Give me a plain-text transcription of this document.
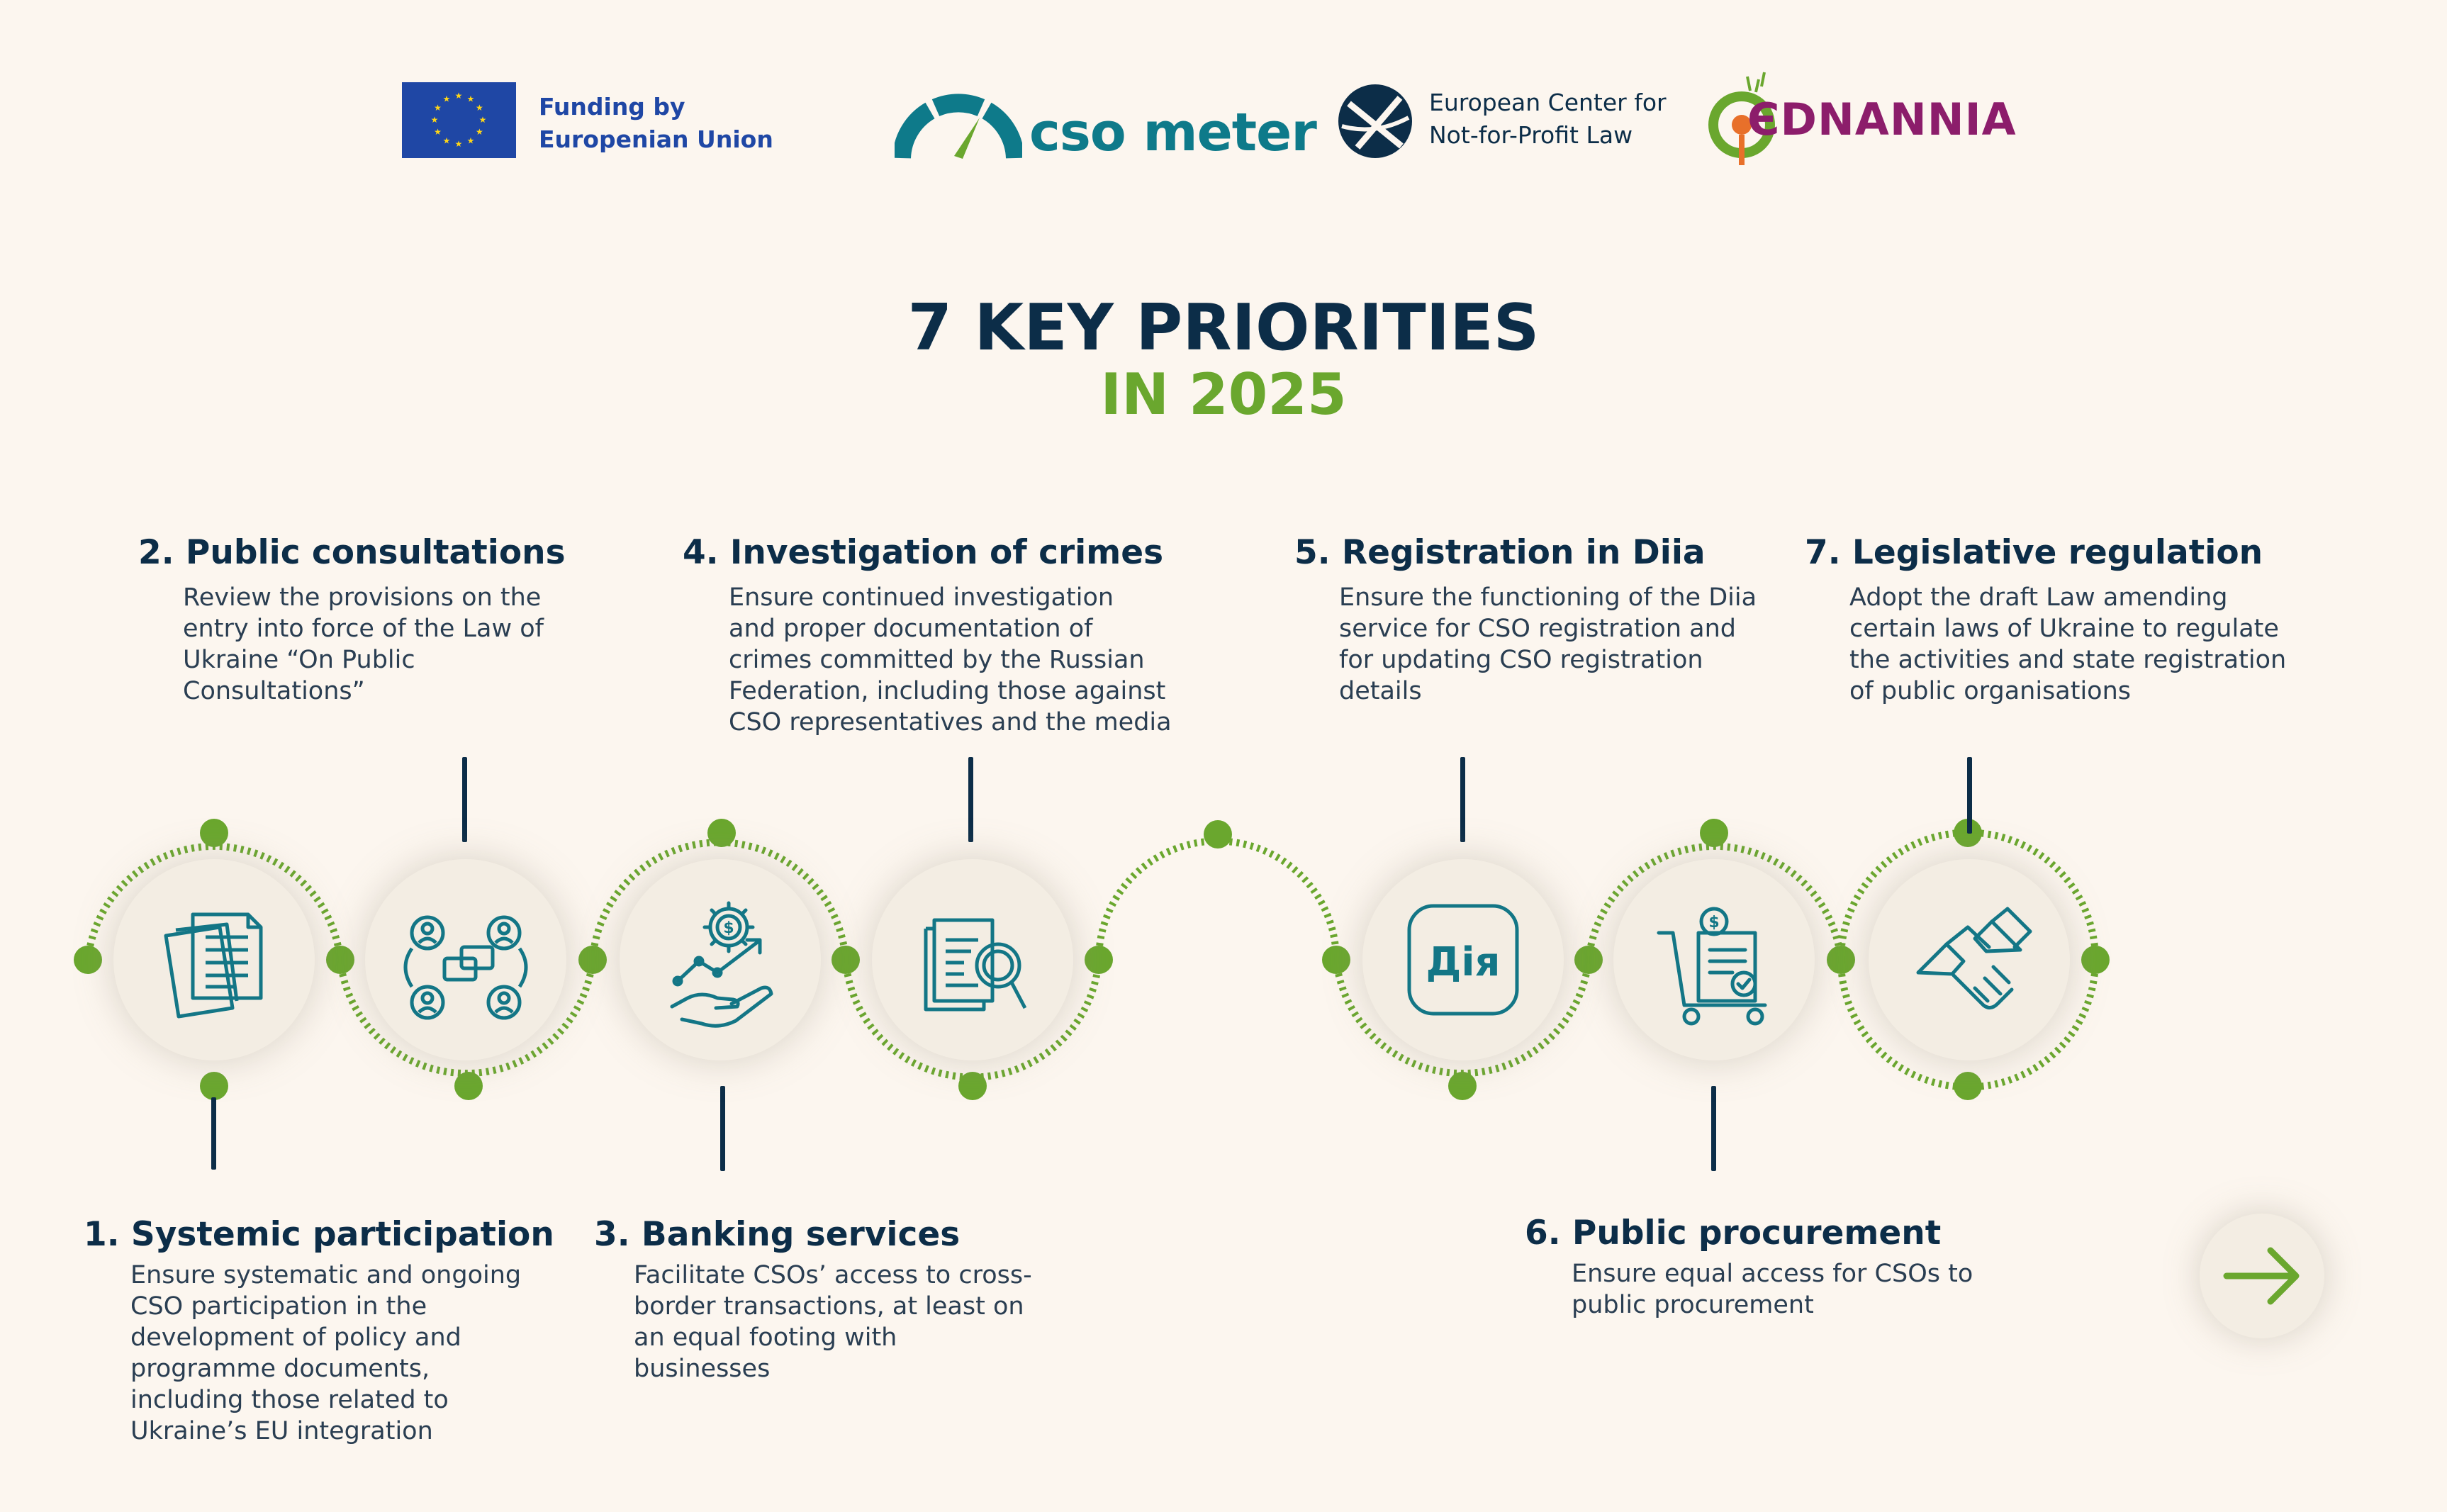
★ ★
★
★
★
★
★
★
★
★
★
★	Funding by
Europenian Union	cso meter	European Center for
Not-for-Profit Law	ЄDNANNIA
7 KEY PRIORITIES
IN 2025
$
Дія
$
2. Public consultations
Review the provisions on the
entry into force of the Law of
Ukraine “On Public
Consultations”
4. Investigation of crimes
Ensure continued investigation
and proper documentation of
crimes committed by the Russian
Federation, including those against
CSO representatives and the media
5. Registration in Diia
Ensure the functioning of the Diia
service for CSO registration and
for updating CSO registration
details
7. Legislative regulation
Adopt the draft Law amending
certain laws of Ukraine to regulate
the activities and state registration
of public organisations
1. Systemic participation
Ensure systematic and ongoing
CSO participation in the
development of policy and
programme documents,
including those related to
Ukraine’s EU integration
3. Banking services
Facilitate CSOs’ access to cross-
border transactions, at least on
an equal footing with
businesses
6. Public procurement
Ensure equal access for CSOs to
public procurement
